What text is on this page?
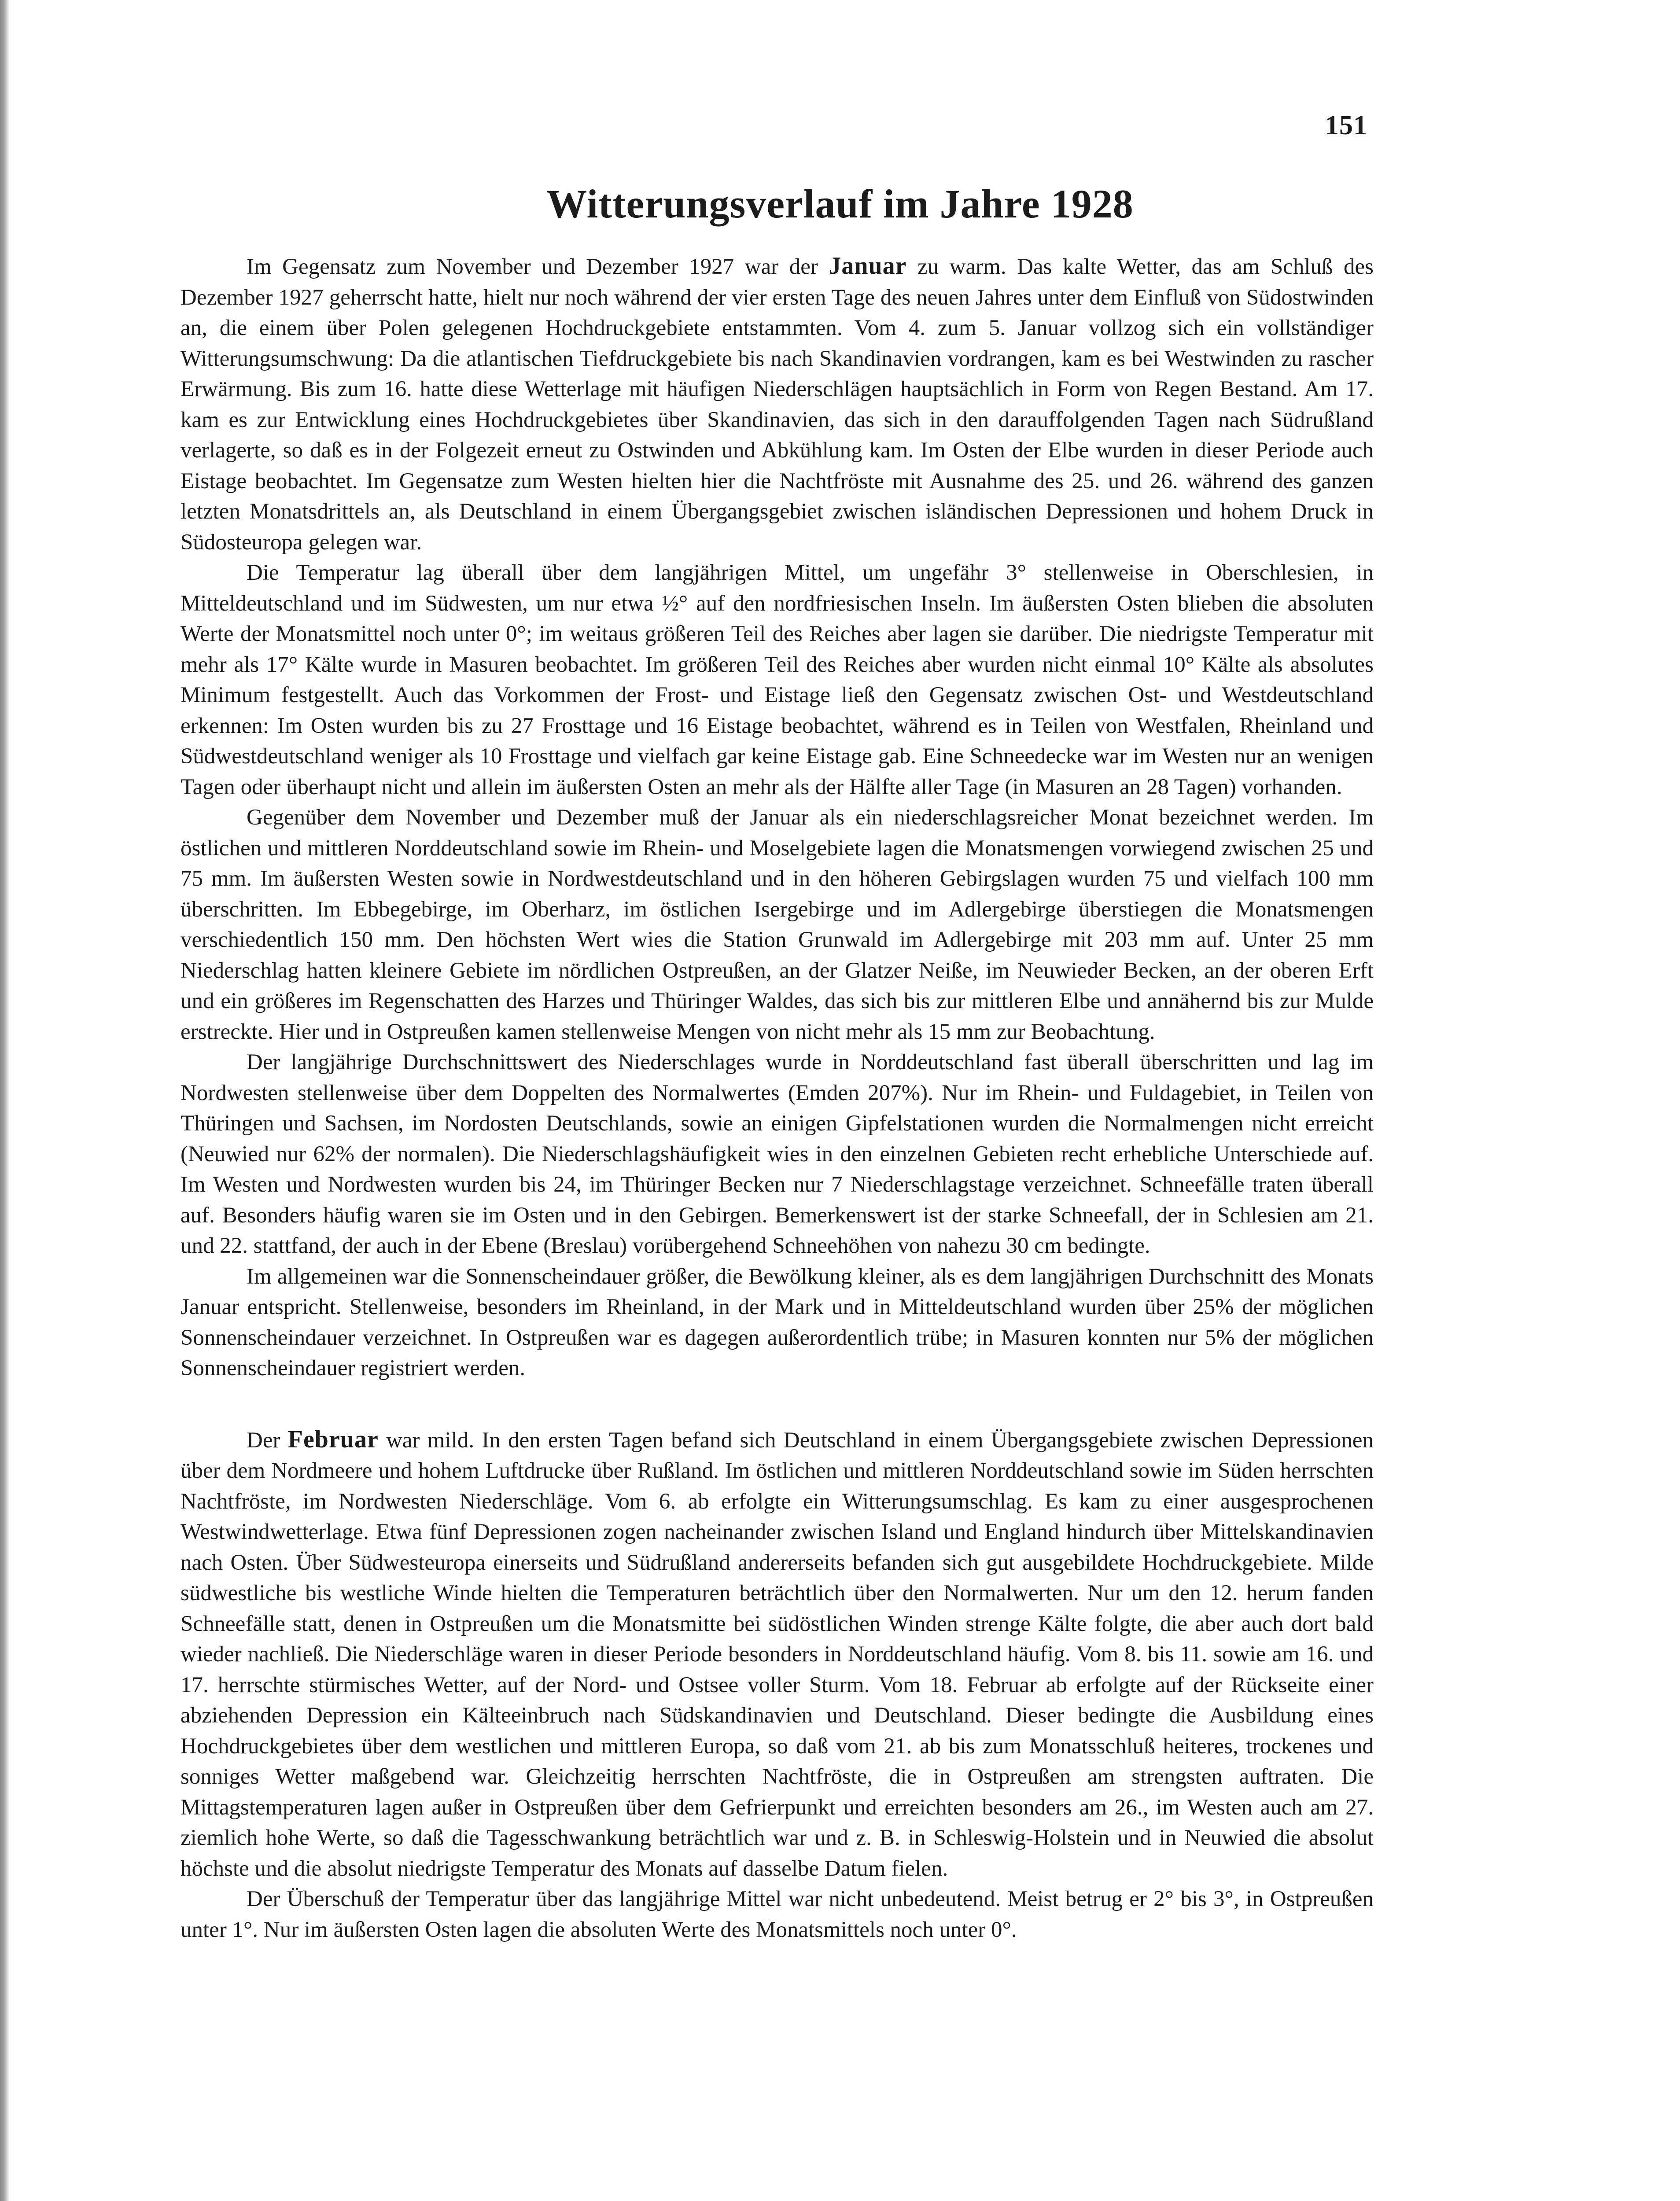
151
Witterungsverlauf im Jahre 1928

Im Gegensatz zum November und Dezember 1927 war der Januar zu warm. Das kalte Wetter, das am Schluß des Dezember 1927 geherrscht hatte, hielt nur noch während der vier ersten Tage des neuen Jahres unter dem Einfluß von Südostwinden an, die einem über Polen gelegenen Hochdruckgebiete entstammten. Vom 4. zum 5. Januar vollzog sich ein vollständiger Witterungsumschwung: Da die atlantischen Tiefdruckgebiete bis nach Skandinavien vordrangen, kam es bei Westwinden zu rascher Erwärmung. Bis zum 16. hatte diese Wetterlage mit häufigen Niederschlägen hauptsächlich in Form von Regen Bestand. Am 17. kam es zur Entwicklung eines Hochdruckgebietes über Skandinavien, das sich in den darauffolgenden Tagen nach Südrußland verlagerte, so daß es in der Folgezeit erneut zu Ostwinden und Abkühlung kam. Im Osten der Elbe wurden in dieser Periode auch Eistage beobachtet. Im Gegensatze zum Westen hielten hier die Nachtfröste mit Ausnahme des 25. und 26. während des ganzen letzten Monatsdrittels an, als Deutschland in einem Übergangsgebiet zwischen isländischen Depressionen und hohem Druck in Südosteuropa gelegen war.

Die Temperatur lag überall über dem langjährigen Mittel, um ungefähr 3° stellenweise in Oberschlesien, in Mitteldeutschland und im Südwesten, um nur etwa ½° auf den nordfriesischen Inseln. Im äußersten Osten blieben die absoluten Werte der Monatsmittel noch unter 0°; im weitaus größeren Teil des Reiches aber lagen sie darüber. Die niedrigste Temperatur mit mehr als 17° Kälte wurde in Masuren beobachtet. Im größeren Teil des Reiches aber wurden nicht einmal 10° Kälte als absolutes Minimum festgestellt. Auch das Vorkommen der Frost- und Eistage ließ den Gegensatz zwischen Ost- und Westdeutschland erkennen: Im Osten wurden bis zu 27 Frosttage und 16 Eistage beobachtet, während es in Teilen von Westfalen, Rheinland und Südwestdeutschland weniger als 10 Frosttage und vielfach gar keine Eistage gab. Eine Schneedecke war im Westen nur an wenigen Tagen oder überhaupt nicht und allein im äußersten Osten an mehr als der Hälfte aller Tage (in Masuren an 28 Tagen) vorhanden.

Gegenüber dem November und Dezember muß der Januar als ein niederschlagsreicher Monat bezeichnet werden. Im östlichen und mittleren Norddeutschland sowie im Rhein- und Moselgebiete lagen die Monatsmengen vorwiegend zwischen 25 und 75 mm. Im äußersten Westen sowie in Nordwestdeutschland und in den höheren Gebirgslagen wurden 75 und vielfach 100 mm überschritten. Im Ebbegebirge, im Oberharz, im östlichen Isergebirge und im Adlergebirge überstiegen die Monatsmengen verschiedentlich 150 mm. Den höchsten Wert wies die Station Grunwald im Adlergebirge mit 203 mm auf. Unter 25 mm Niederschlag hatten kleinere Gebiete im nördlichen Ostpreußen, an der Glatzer Neiße, im Neuwieder Becken, an der oberen Erft und ein größeres im Regenschatten des Harzes und Thüringer Waldes, das sich bis zur mittleren Elbe und annähernd bis zur Mulde erstreckte. Hier und in Ostpreußen kamen stellenweise Mengen von nicht mehr als 15 mm zur Beobachtung.

Der langjährige Durchschnittswert des Niederschlages wurde in Norddeutschland fast überall überschritten und lag im Nordwesten stellenweise über dem Doppelten des Normalwertes (Emden 207%). Nur im Rhein- und Fuldagebiet, in Teilen von Thüringen und Sachsen, im Nordosten Deutschlands, sowie an einigen Gipfelstationen wurden die Normalmengen nicht erreicht (Neuwied nur 62% der normalen). Die Niederschlagshäufigkeit wies in den einzelnen Gebieten recht erhebliche Unterschiede auf. Im Westen und Nordwesten wurden bis 24, im Thüringer Becken nur 7 Niederschlagstage verzeichnet. Schneefälle traten überall auf. Besonders häufig waren sie im Osten und in den Gebirgen. Bemerkenswert ist der starke Schneefall, der in Schlesien am 21. und 22. stattfand, der auch in der Ebene (Breslau) vorübergehend Schneehöhen von nahezu 30 cm bedingte.

Im allgemeinen war die Sonnenscheindauer größer, die Bewölkung kleiner, als es dem langjährigen Durchschnitt des Monats Januar entspricht. Stellenweise, besonders im Rheinland, in der Mark und in Mitteldeutschland wurden über 25% der möglichen Sonnenscheindauer verzeichnet. In Ostpreußen war es dagegen außerordentlich trübe; in Masuren konnten nur 5% der möglichen Sonnenscheindauer registriert werden.

Der Februar war mild. In den ersten Tagen befand sich Deutschland in einem Übergangsgebiete zwischen Depressionen über dem Nordmeere und hohem Luftdrucke über Rußland. Im östlichen und mittleren Norddeutschland sowie im Süden herrschten Nachtfröste, im Nordwesten Niederschläge. Vom 6. ab erfolgte ein Witterungsumschlag. Es kam zu einer ausgesprochenen Westwindwetterlage. Etwa fünf Depressionen zogen nacheinander zwischen Island und England hindurch über Mittelskandinavien nach Osten. Über Südwesteuropa einerseits und Südrußland andererseits befanden sich gut ausgebildete Hochdruckgebiete. Milde südwestliche bis westliche Winde hielten die Temperaturen beträchtlich über den Normalwerten. Nur um den 12. herum fanden Schneefälle statt, denen in Ostpreußen um die Monatsmitte bei südöstlichen Winden strenge Kälte folgte, die aber auch dort bald wieder nachließ. Die Niederschläge waren in dieser Periode besonders in Norddeutschland häufig. Vom 8. bis 11. sowie am 16. und 17. herrschte stürmisches Wetter, auf der Nord- und Ostsee voller Sturm. Vom 18. Februar ab erfolgte auf der Rückseite einer abziehenden Depression ein Kälteeinbruch nach Südskandinavien und Deutschland. Dieser bedingte die Ausbildung eines Hochdruckgebietes über dem westlichen und mittleren Europa, so daß vom 21. ab bis zum Monatsschluß heiteres, trockenes und sonniges Wetter maßgebend war. Gleichzeitig herrschten Nachtfröste, die in Ostpreußen am strengsten auftraten. Die Mittagstemperaturen lagen außer in Ostpreußen über dem Gefrierpunkt und erreichten besonders am 26., im Westen auch am 27. ziemlich hohe Werte, so daß die Tagesschwankung beträchtlich war und z. B. in Schleswig-Holstein und in Neuwied die absolut höchste und die absolut niedrigste Temperatur des Monats auf dasselbe Datum fielen.

Der Überschuß der Temperatur über das langjährige Mittel war nicht unbedeutend. Meist betrug er 2° bis 3°, in Ostpreußen unter 1°. Nur im äußersten Osten lagen die absoluten Werte des Monatsmittels noch unter 0°.
